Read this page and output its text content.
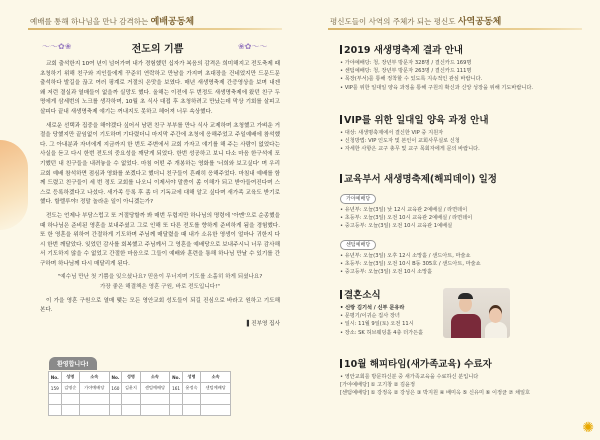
예배를 통해 하나님을 만나 감격하는 예배공동체	평신도들이 사역의 주체가 되는 평신도 사역공동체
～～✿❀	전도의 기쁨	❀✿～～

교회 출석한지 10여 년이 넘어가며 내가 경험했던 십자가 복음의 감격은 희미해지고 전도축제 때 초청하기 위해 친구와 지인들에게 꾸준히 연락하고 만남을 가지며 초대장을 건네었지만 드문드문 출석하다 발길을 끊고 여러 핑계로 거절의 은맛을 보였다. 매년 새생명축제 간증영상을 보며 내겐 왜 저런 결실과 열매들이 없을까 실망도 했다. 올해는 이전에 두 번정도 새생명축제에 왔던 친구 두 명에게 삼세번의 노크를 생각하며, 10월 초 식사 대접 후 초청하려고 만났는데 막상 기회를 살피고 살피다 끝내 새생명축제 얘기는 꺼내지도 못하고 헤어져 너무 속상했다.

새로운 선택과 집중을 해야겠다 싶어서 남편 친구 부부를 만나 식사 교제하며 초청했고 가벼운 거절을 당했지만 끝임없이 기도하며 기다렸더니 마지막 주간에 초청에 응해주었고 주일예배에 참석했다. 그 아내분과 자녀에게 지금까지 한 번도 주변에서 교회 가자고 얘기를 해 주는 사람이 없었다는 사실을 듣고 다시 한번 전도의 중요성을 깨닫게 되었다. 한번 성공하고 보니 다소 마음 한구석에 포기했던 내 친구들을 내려놓을 수 없었다. 마침 어떤 주 개봉하는 영화를 '너희와 보고싶다' 며 우리 교회 예배 참석하면 점심과 영화를 쏘겠다고 했더니 친구들이 흔쾌히 응해주었다. 마침내 예배를 함께 드렸고 친구들이 세 번 정도 교회를 나오니 이제서야 말씀이 좀 이해가 되고 받아들여진다며 스스로 등록하겠다고 나섰다. 새가족 등록 후 좀 더 기독교에 대해 알고 싶다며 새가족 교육도 받기로 했다. 할렐루야! 정말 놀라운 일이 아니겠는가?

전도는 언제나 부담스럽고 또 거절당할까 봐 매번 두렵지만 하나님의 명령에 '아멘'으로 순종했을 때 하나님은 준비된 영혼을 보내주셨고 그로 인해 또 다른 전도를 향하게 준비하게 됨을 경험했다. 또 한 영혼을 위하여 간절하게 기도하며 주님께 매달렸을 때 내가 소유한 영생이 얼마나 귀한지 다시 한번 깨달았다. 잊었던 감사를 회복했고 주님께서 그 영혼을 예배당으로 보내주시니 너무 감사해서 기도하지 않을 수 없었고 간절한 마음으로 그들이 예배와 훈련을 통해 하나님 만날 수 있기를 간구하며 하나님께 다시 매달리게 된다.

"예수님 만난 첫 기쁨을 잊으셨나요? 믿음이 무너지며 기도를 소홀히 하게 되셨나요?
가장 좋은 해결책은 영혼 구원, 바로 전도입니다!"

이 가을 영혼 구원으로 열매 맺는 모든 영안교회 성도들이 되길 진심으로 바라고 원하고 기도해 본다.

▌진부영 집사

환영합니다!
No.	성명	소속	No.	성명	소속	No.	성명	소속
159	김명순	가야예배당	160	김윤지	센텀예배당	161	윤정숙	센텀예배당

2019 새생명축제 결과 안내
• 가야예배당: 청, 장년부 방문자 328명 / 결신카드 169명
• 센텀예배당: 청, 장년부 방문자 263명 / 결신카드 111명
• 목장(부서)를 통해 정착할 수 있도록 지속적인 관심 바랍니다.
• VIP를 위한 일대일 양육 과정을 통해 구원의 확신과 신앙 성장을 위해 기도바랍니다.
VIP를 위한 일대일 양육 과정 안내
• 대상: 새생명축제에서 결신한 VIP 중 지원자
• 신청방법: VIP 인도자 및 본인이 교회사무실로 신청
• 자세한 사항은 교구 총무 및 교구 목회자에게 문의 바랍니다.
교육부서 새생명축제(해피데이) 일정
가야예배당
• 유년부: 오늘(3일) 낮 12시 교육관 2예배실 / 라면데이
• 초등부: 오늘(3일) 오전 10시 교육관 2예배실 / 라면데이
• 중고등부: 오늘(3일) 오전 10시 교육관 1예배실
센텀예배당
• 유년부: 오늘(3일) 오후 12시 소망홀 / 샌드아트, 마술쇼
• 초등부: 오늘(3일) 오전 10시 B동 305호 / 샌드아트, 마술쇼
• 중고등부: 오늘(3일) 오전 10시 소망홀
결혼소식
• 신랑 김기석 / 신부 문유라
• 문평기/이귀순 집사 장녀
• 일시: 11월 9일(토) 오전 11시
• 장소: SK 허브웨딩홀 4층 더가든홀
10월 해피타임(새가족교육) 수료자
• 영안교회를 방문하신분 중 새가족교육을 수료하신 분입니다
[가야예배당] ① 고기창 ② 김윤정
[센텀예배당] ① 강정옥 ② 강성은 ③ 박지원 ④ 배미옥 ⑤ 신유미 ⑥ 이정균 ⑦ 채일호
✺
